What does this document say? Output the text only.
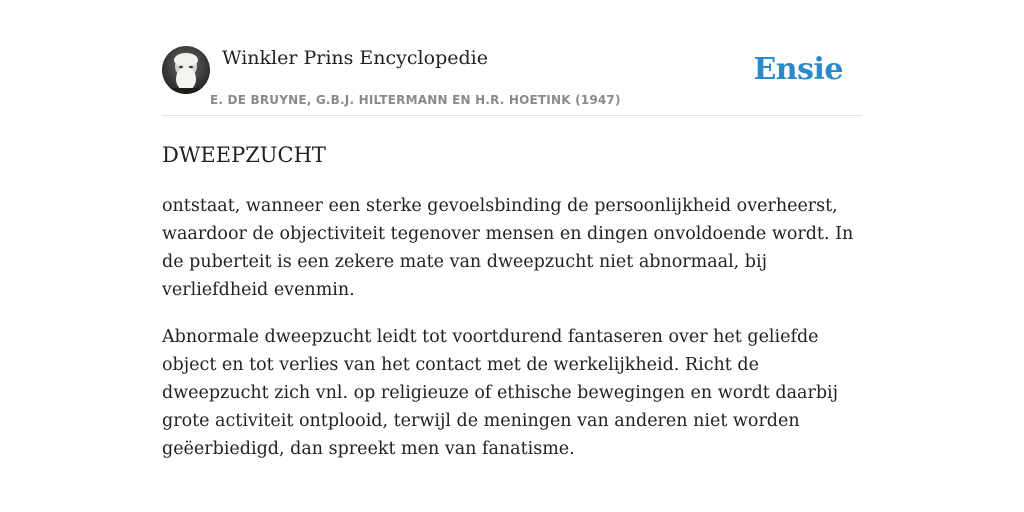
Winkler Prins Encyclopedie
E. DE BRUYNE, G.B.J. HILTERMANN EN H.R. HOETINK (1947)
Ensie
DWEEPZUCHT

ontstaat, wanneer een sterke gevoelsbinding de persoonlijkheid overheerst, waardoor de objectiviteit tegenover mensen en dingen onvoldoende wordt. In de puberteit is een zekere mate van dweepzucht niet abnormaal, bij verliefdheid evenmin.

Abnormale dweepzucht leidt tot voortdurend fantaseren over het geliefde object en tot verlies van het contact met de werkelijkheid. Richt de dweepzucht zich vnl. op religieuze of ethische bewegingen en wordt daarbij grote activiteit ontplooid, terwijl de meningen van anderen niet worden geëerbiedigd, dan spreekt men van fanatisme.
